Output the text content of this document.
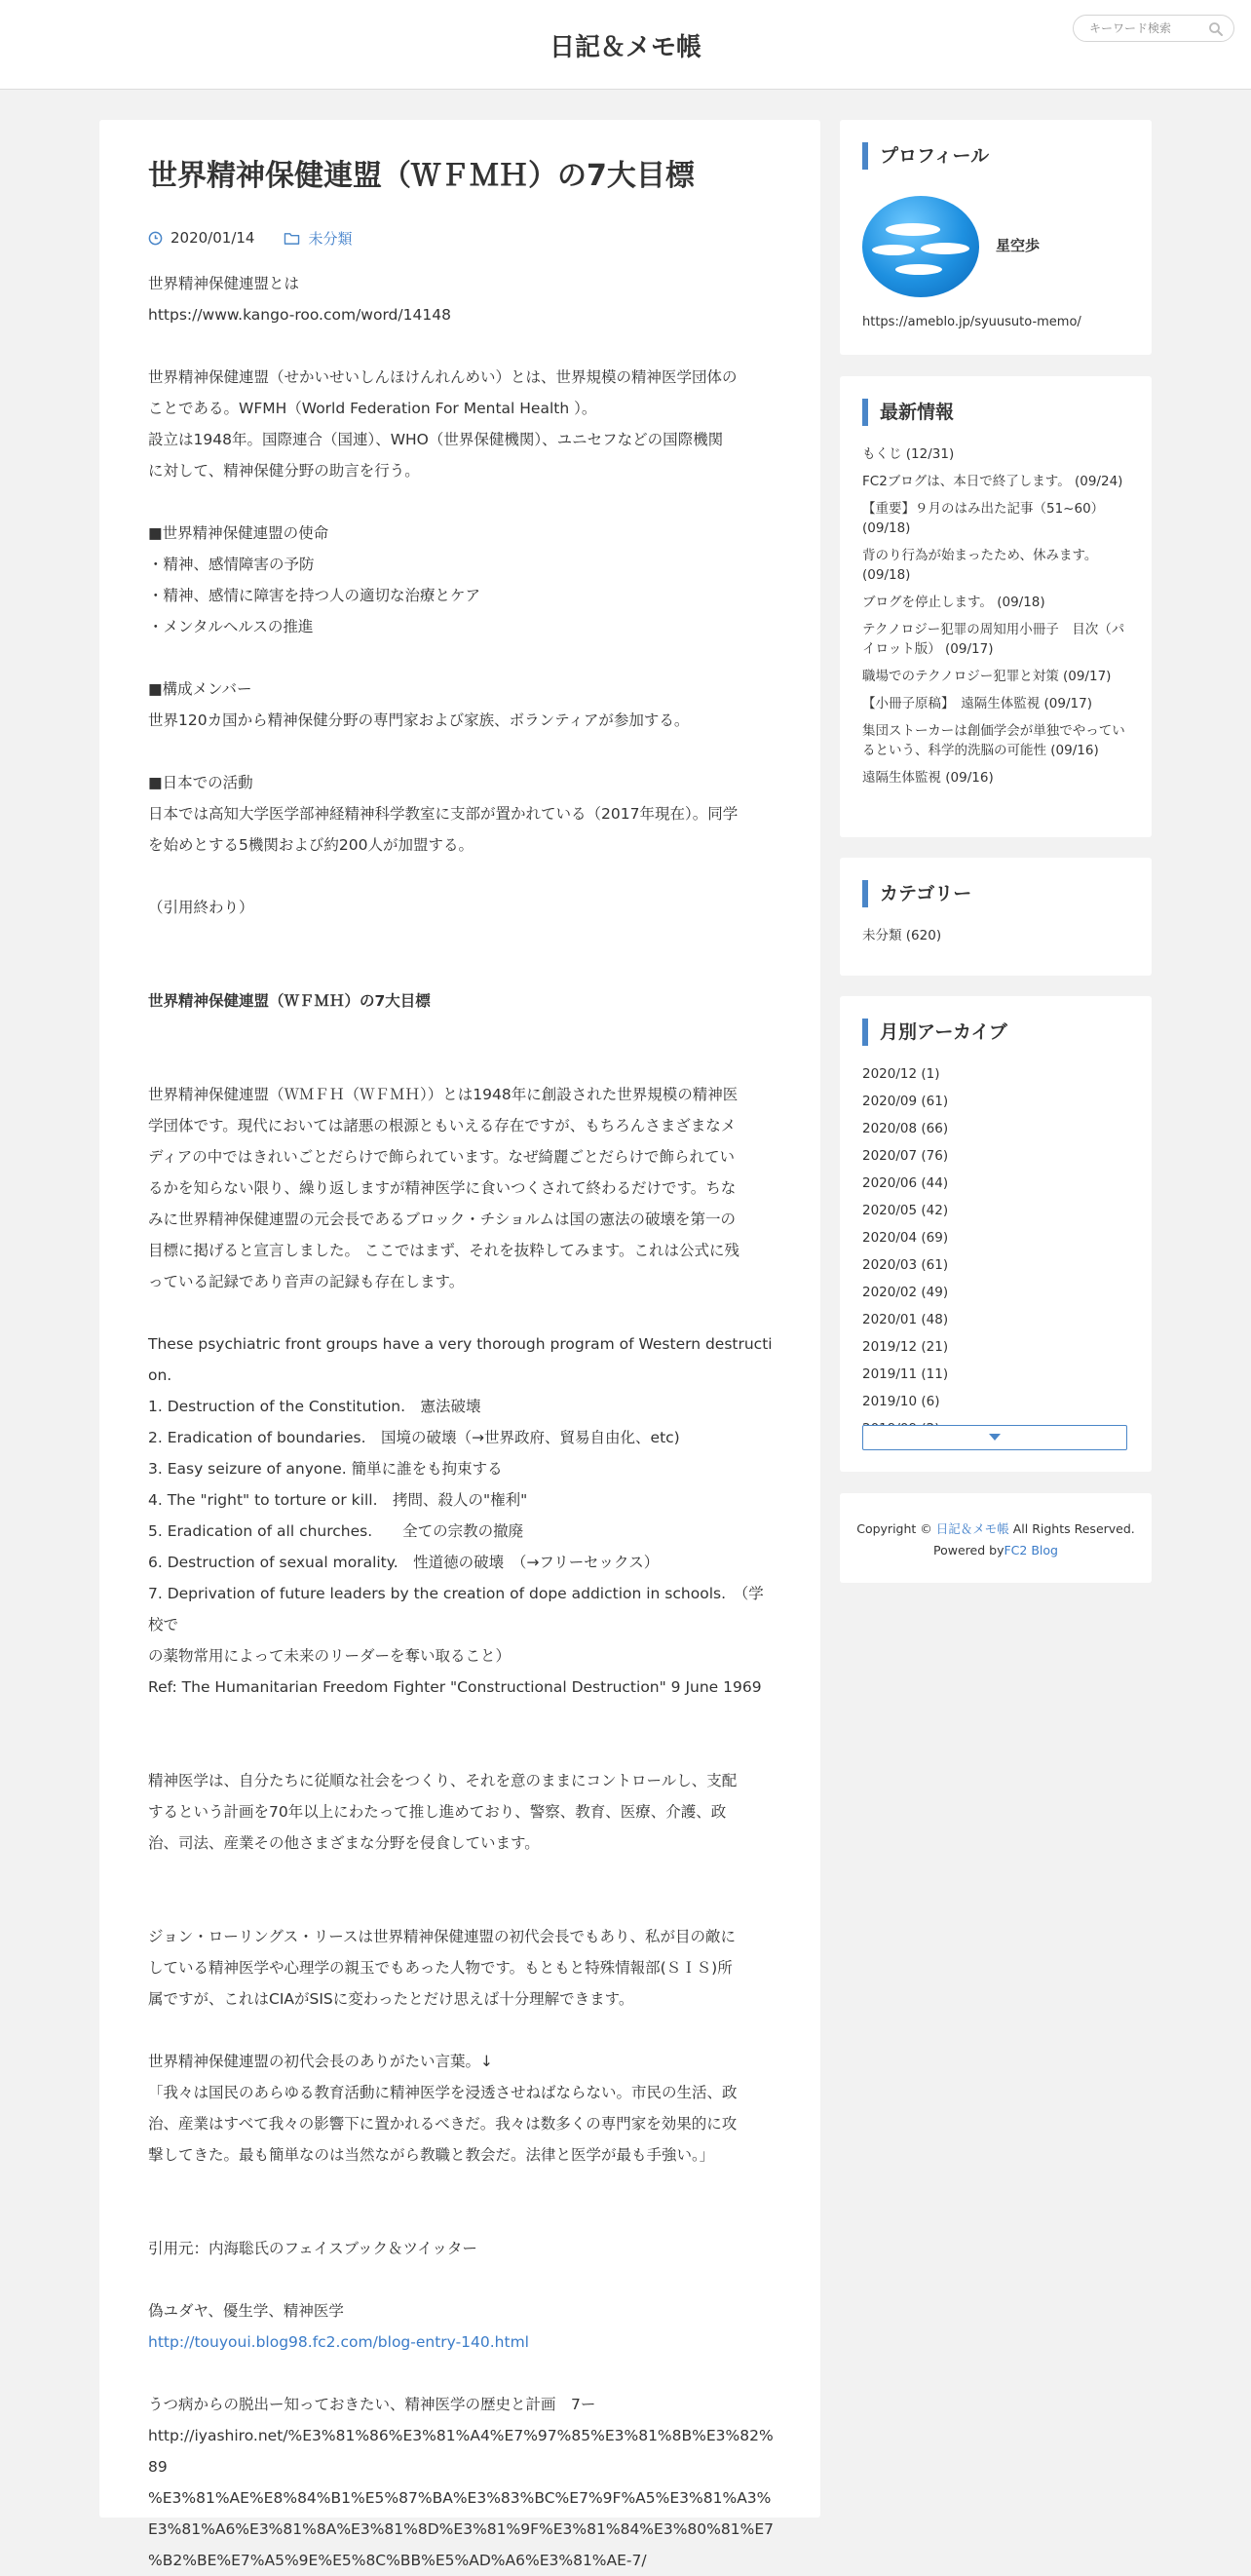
日記＆メモ帳
キーワード検索
世界精神保健連盟（ＷＦＭＨ）の7大目標
2020/01/14	未分類
世界精神保健連盟とは
https://www.kango-roo.com/word/14148
世界精神保健連盟（せかいせいしんほけんれんめい）とは、世界規模の精神医学団体の
ことである。WFMH（World Federation For Mental Health ）。
設立は1948年。国際連合（国連）、WHO（世界保健機関）、ユニセフなどの国際機関
に対して、精神保健分野の助言を行う。
■世界精神保健連盟の使命
・精神、感情障害の予防
・精神、感情に障害を持つ人の適切な治療とケア
・メンタルヘルスの推進
■構成メンバー
世界120カ国から精神保健分野の専門家および家族、ボランティアが参加する。
■日本での活動
日本では高知大学医学部神経精神科学教室に支部が置かれている（2017年現在）。同学
を始めとする5機関および約200人が加盟する。
（引用終わり）
世界精神保健連盟（ＷＦＭＨ）の7大目標
世界精神保健連盟（ＷＭＦＨ（ＷＦＭＨ））とは1948年に創設された世界規模の精神医
学団体です。現代においては諸悪の根源ともいえる存在ですが、もちろんさまざまなメ
ディアの中ではきれいごとだらけで飾られています。なぜ綺麗ごとだらけで飾られてい
るかを知らない限り、繰り返しますが精神医学に食いつくされて終わるだけです。ちな
みに世界精神保健連盟の元会長であるブロック・チショルムは国の憲法の破壊を第一の
目標に掲げると宣言しました。 ここではまず、それを抜粋してみます。これは公式に残
っている記録であり音声の記録も存在します。
These psychiatric front groups have a very thorough program of Western destruction.
1. Destruction of the Constitution.　憲法破壊
2. Eradication of boundaries.　国境の破壊（→世界政府、貿易自由化、etc)
3. Easy seizure of anyone. 簡単に誰をも拘束する
4. The "right" to torture or kill.　拷問、殺人の"権利"
5. Eradication of all churches.　　全ての宗教の撤廃
6. Destruction of sexual morality.　性道徳の破壊　（→フリーセックス）
7. Deprivation of future leaders by the creation of dope addiction in schools.　（学校で
の薬物常用によって未来のリーダーを奪い取ること）
Ref: The Humanitarian Freedom Fighter "Constructional Destruction" 9 June 1969
精神医学は、自分たちに従順な社会をつくり、それを意のままにコントロールし、支配
するという計画を70年以上にわたって推し進めており、警察、教育、医療、介護、政
治、司法、産業その他さまざまな分野を侵食しています。
ジョン・ローリングス・リースは世界精神保健連盟の初代会長でもあり、私が目の敵に
している精神医学や心理学の親玉でもあった人物です。もともと特殊情報部(ＳＩＳ)所
属ですが、これはCIAがSISに変わったとだけ思えば十分理解できます。
世界精神保健連盟の初代会長のありがたい言葉。↓
「我々は国民のあらゆる教育活動に精神医学を浸透させねばならない。市民の生活、政
治、産業はすべて我々の影響下に置かれるべきだ。我々は数多くの専門家を効果的に攻
撃してきた。最も簡単なのは当然ながら教職と教会だ。法律と医学が最も手強い。」
引用元：内海聡氏のフェイスブック＆ツイッター
偽ユダヤ、優生学、精神医学
http://touyoui.blog98.fc2.com/blog-entry-140.html
うつ病からの脱出ー知っておきたい、精神医学の歴史と計画　7ー
http://iyashiro.net/%E3%81%86%E3%81%A4%E7%97%85%E3%81%8B%E3%82%89
%E3%81%AE%E8%84%B1%E5%87%BA%E3%83%BC%E7%9F%A5%E3%81%A3%
E3%81%A6%E3%81%8A%E3%81%8D%E3%81%9F%E3%81%84%E3%80%81%E7
%B2%BE%E7%A5%9E%E5%8C%BB%E5%AD%A6%E3%81%AE-7/
プロフィール
星空歩
https://ameblo.jp/syuusuto-memo/
最新情報
もくじ (12/31)
FC2ブログは、本日で終了します。 (09/24)
【重要】９月のはみ出た記事（51~60） (09/18)
背のり行為が始まったため、休みます。 (09/18)
ブログを停止します。 (09/18)
テクノロジー犯罪の周知用小冊子　目次（パイロット版） (09/17)
職場でのテクノロジー犯罪と対策 (09/17)
【小冊子原稿】　遠隔生体監視 (09/17)
集団ストーカーは創価学会が単独でやっているという、科学的洗脳の可能性 (09/16)
遠隔生体監視 (09/16)
カテゴリー
未分類 (620)
月別アーカイブ
2020/12 (1)
2020/09 (61)
2020/08 (66)
2020/07 (76)
2020/06 (44)
2020/05 (42)
2020/04 (69)
2020/03 (61)
2020/02 (49)
2020/01 (48)
2019/12 (21)
2019/11 (11)
2019/10 (6)
Copyright © 日記＆メモ帳 All Rights Reserved.
Powered byFC2 Blog
